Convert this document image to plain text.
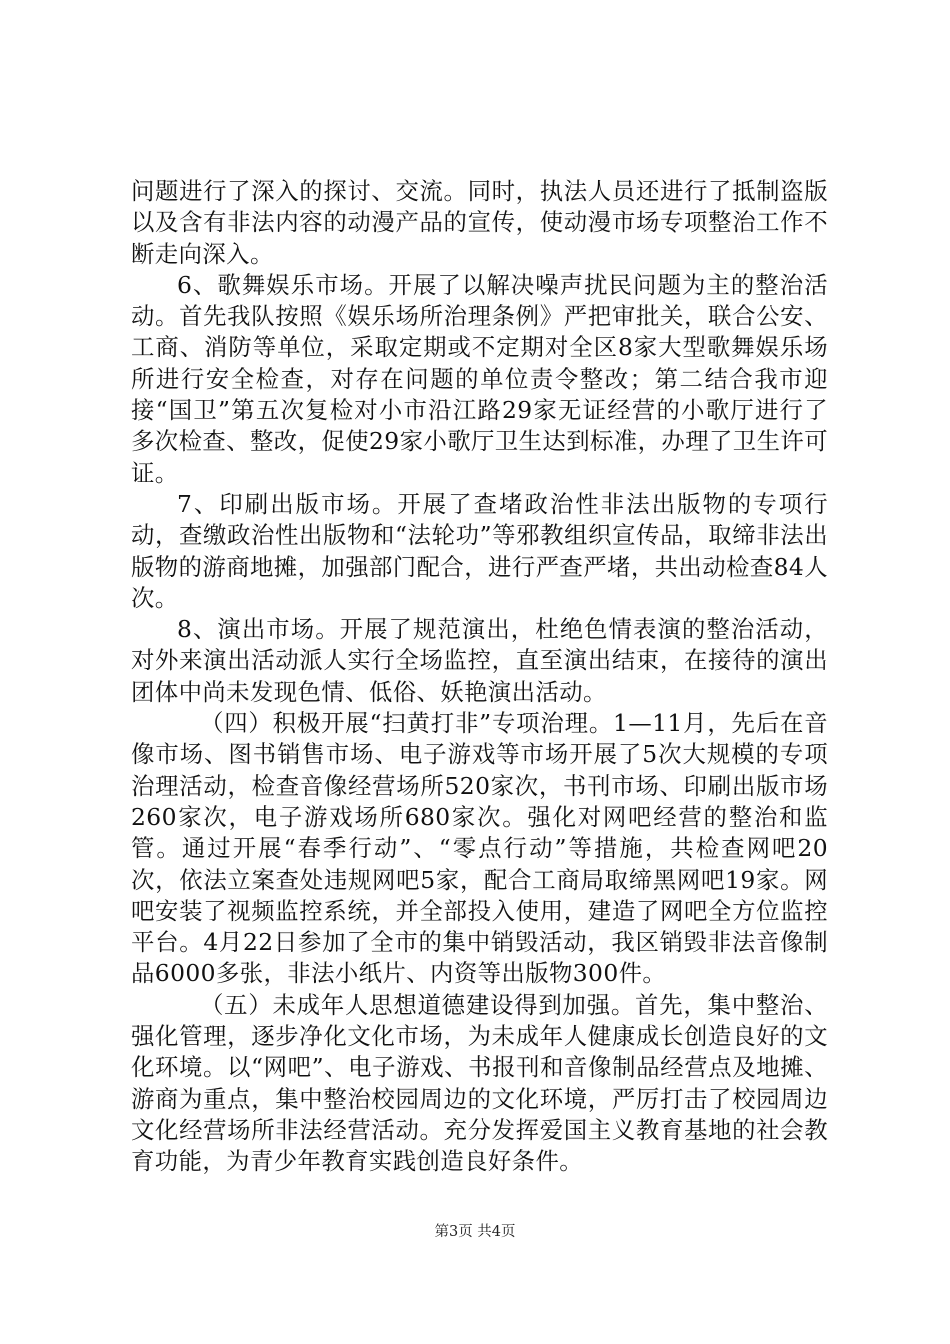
问题进行了深入的探讨、交流。同时，执法人员还进行了抵制盗版以及含有非法内容的动漫产品的宣传，使动漫市场专项整治工作不断走向深入。

6、歌舞娱乐市场。开展了以解决噪声扰民问题为主的整治活动。首先我队按照《娱乐场所治理条例》严把审批关，联合公安、工商、消防等单位，采取定期或不定期对全区8家大型歌舞娱乐场所进行安全检查，对存在问题的单位责令整改；第二结合我市迎接“国卫”第五次复检对小市沿江路29家无证经营的小歌厅进行了多次检查、整改，促使29家小歌厅卫生达到标准，办理了卫生许可证。

7、印刷出版市场。开展了查堵政治性非法出版物的专项行动，查缴政治性出版物和“法轮功”等邪教组织宣传品，取缔非法出版物的游商地摊，加强部门配合，进行严查严堵，共出动检查84人次。

8、演出市场。开展了规范演出，杜绝色情表演的整治活动，对外来演出活动派人实行全场监控，直至演出结束，在接待的演出团体中尚未发现色情、低俗、妖艳演出活动。

（四）积极开展“扫黄打非”专项治理。1—11月，先后在音像市场、图书销售市场、电子游戏等市场开展了5次大规模的专项治理活动，检查音像经营场所520家次，书刊市场、印刷出版市场260家次，电子游戏场所680家次。强化对网吧经营的整治和监管。通过开展“春季行动”、“零点行动”等措施，共检查网吧20次，依法立案查处违规网吧5家，配合工商局取缔黑网吧19家。网吧安装了视频监控系统，并全部投入使用，建造了网吧全方位监控平台。4月22日参加了全市的集中销毁活动，我区销毁非法音像制品6000多张，非法小纸片、内资等出版物300件。

（五）未成年人思想道德建设得到加强。首先，集中整治、强化管理，逐步净化文化市场，为未成年人健康成长创造良好的文化环境。以“网吧”、电子游戏、书报刊和音像制品经营点及地摊、游商为重点，集中整治校园周边的文化环境，严厉打击了校园周边文化经营场所非法经营活动。充分发挥爱国主义教育基地的社会教育功能，为青少年教育实践创造良好条件。

第3页 共4页
